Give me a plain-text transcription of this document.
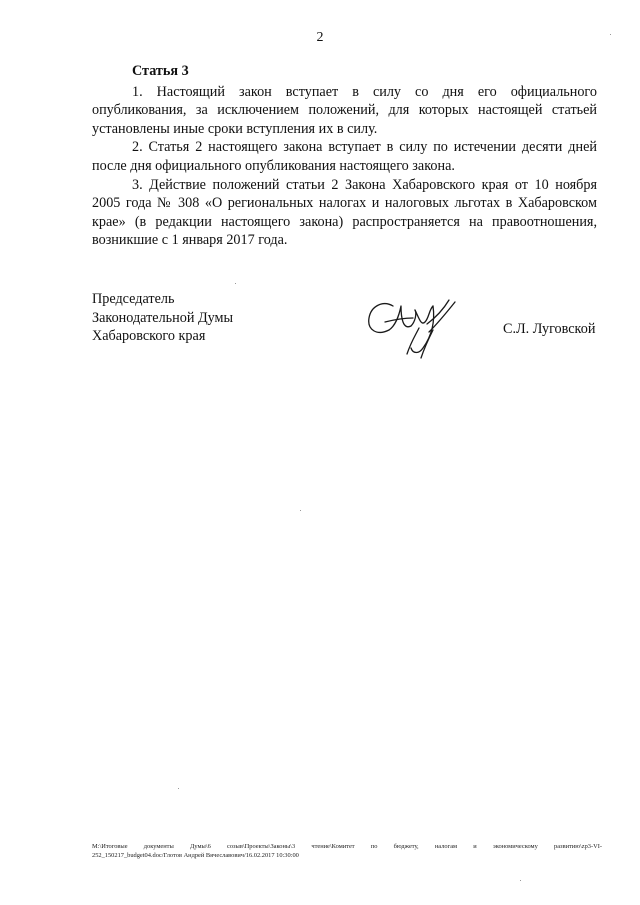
2

Статья 3

1. Настоящий закон вступает в силу со дня его официального опубликования, за исключением положений, для которых настоящей статьей установлены иные сроки вступления их в силу.

2. Статья 2 настоящего закона вступает в силу по истечении десяти дней после дня официального опубликования настоящего закона.

3. Действие положений статьи 2 Закона Хабаровского края от 10 ноября 2005 года № 308 «О региональных налогах и налоговых льготах в Хабаровском крае» (в редакции настоящего закона) распространяется на правоотношения, возникшие с 1 января 2017 года.

Председатель
Законодательной Думы
Хабаровского края	С.Л. Луговской
М:\Итоговые документы Думы\6 созыв\Проекты\Законы\3 чтение\Комитет по бюджету, налогам и экономическому развитию\zp3-VI-
252_150217_budget04.doc/Глотов Андрей Вячеславович/16.02.2017 10:30:00
